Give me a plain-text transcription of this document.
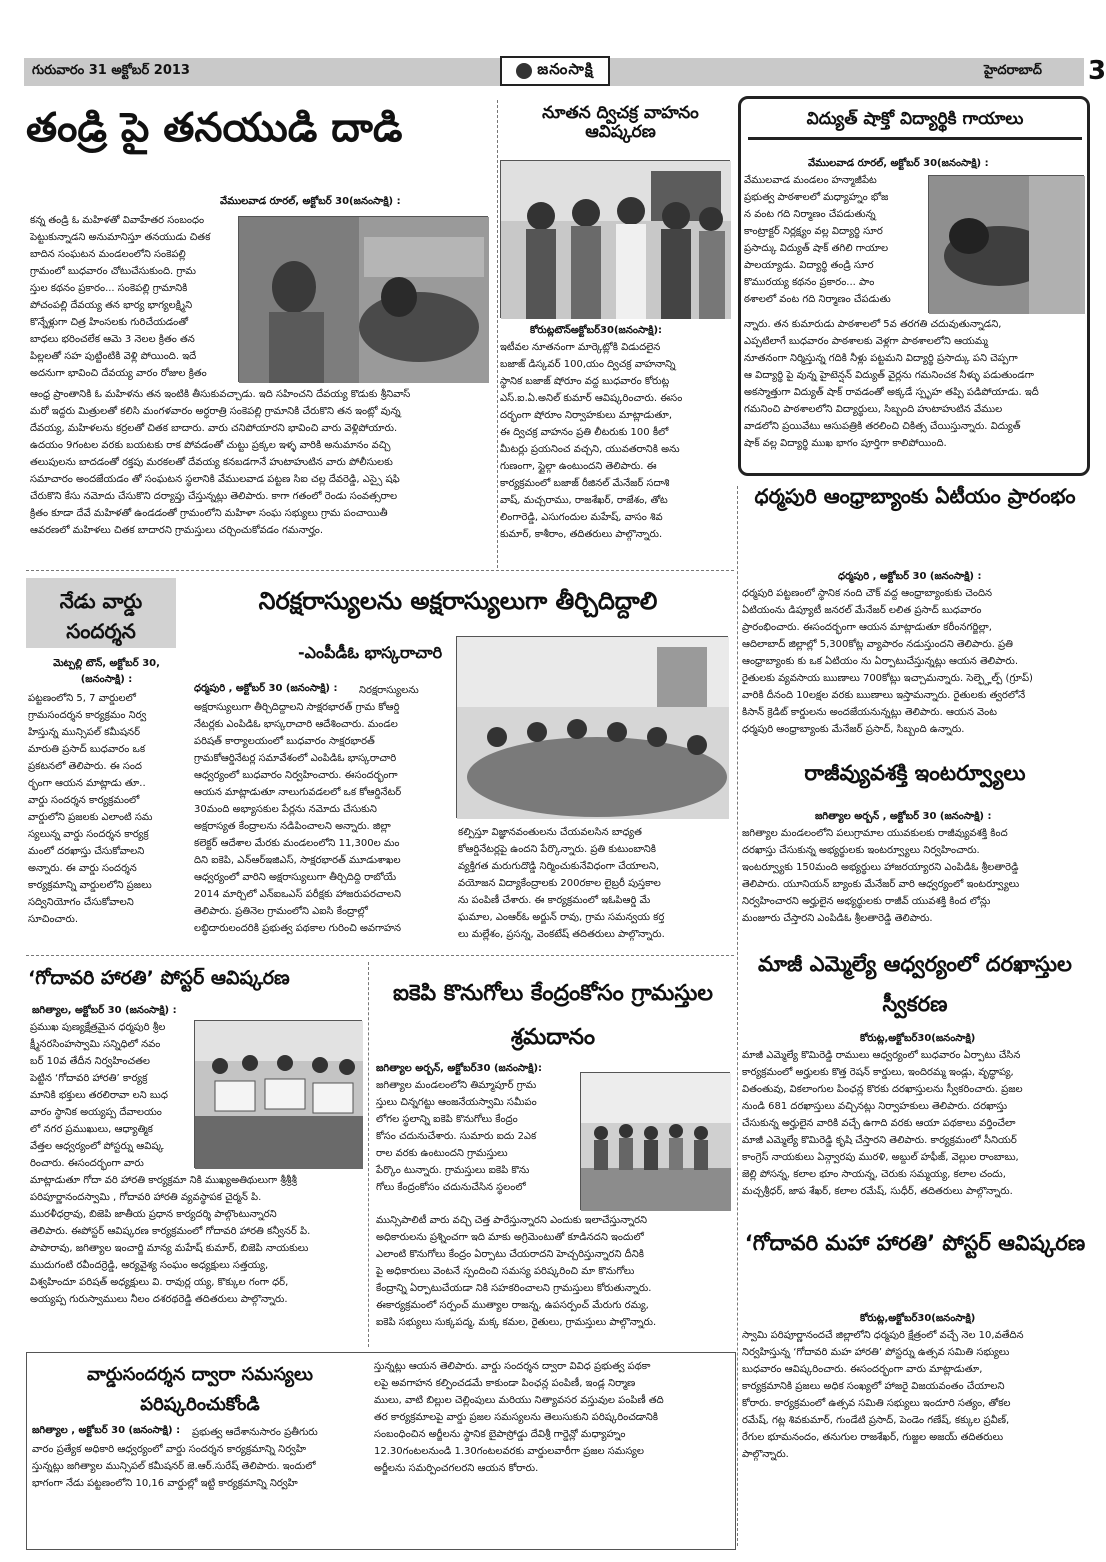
గురువారం 31 అక్టోబర్ 2013	జనంసాక్షి	హైదరాబాద్ 3
తండ్రి పై తనయుడి దాడి
వేములవాడ రూరల్, అక్టోబర్ 30(జనంసాక్షి) :
కన్న తండ్రి ఓ మహిళతో వివాహేతర సంబంధం
పెట్టుకున్నాడని అనుమానిస్తూ తనయుడు చితక
బాదిన సంఘటన మండలంలోని సంకెపల్లి
గ్రామంలో బుధవారం చోటుచేసుకుంది. గ్రామ
స్తుల కథనం ప్రకారం... సంకెపల్లి గ్రామానికి
పోచంపల్లి దేవయ్య తన భార్య భాగ్యలక్ష్మిని
కొన్నేళ్లుగా చిత్ర హింసలకు గురిచేయడంతో
బాధలు భరించలేక ఆమె 3 నెలల క్రితం తన
పిల్లలతో సహ పుట్టింటికి వెళ్లి పోయింది. ఇదే
అదనుగా భావించి దేవయ్య వారం రోజుల క్రితం
ఆంధ్ర ప్రాంతానికి ఓ మహిళను తన ఇంటికి తీసుకువచ్చాడు. ఇది సహించని దేవయ్య కొడుకు శ్రీనివాస్
మరో ఇద్దరు మిత్రులతో కలిసి మంగళవారం అర్ధరాత్రి సంకెపల్లి గ్రామానికి చేరుకొని తన ఇంట్లో వున్న
దేవయ్య, మహిళలను కర్రలతో చితక బాదారు. వారు చనిపోయారని భావించి వారు వెళ్లిపోయారు.
ఉదయం 9గంటల వరకు బయటకు రాక పోవడంతో చుట్టు ప్రక్కల ఇళ్ళ వారికి అనుమానం వచ్చి
తలుపులను బాదడంతో రక్తపు మరకలతో దేవయ్య కనబడగానే హుటాహుటిన వారు పోలీసులకు
సమాచారం అందజేయడం తో సంఘటన స్థలానికి వేములవాడ పట్టణ సిఐ చల్ల దేవరెడ్డి, ఎస్సై షఫి
చేరుకొని కేసు నమోదు చేసుకొని దర్యాప్తు చేస్తున్నట్లు తెలిపారు. కాగా గతంలో రెండు సంవత్సరాల
క్రితం కూడా దేవే మహిళతో ఉండడంతో గ్రామంలోని మహిళా సంఘ సభ్యులు గ్రామ పంచాయితీ
ఆవరణలో మహిళలు చితక బాదారని గ్రామస్తులు చర్చించుకోవడం గమనార్హం.
నూతన ద్విచక్ర వాహనం ఆవిష్కరణ
కోరుట్లటౌన్అక్టోబర్30(జనంసాక్షి):
ఇటీవల నూతనంగా మార్కెట్లోకి విడుదలైన
బజాజ్ డిస్కవర్ 100,యం ద్విచక్ర వాహనాన్ని
స్థానిక బజాజ్ షోరూం వద్ద బుధవారం కోరుట్ల
ఎస్.ఐ.ఏ.అనిల్ కుమార్ ఆవిష్కరించారు. ఈసం
దర్భంగా షోరూం నిర్వాహకులు మాట్లాడుతూ,
ఈ ద్విచక్ర వాహనం ప్రతి లీటరుకు 100 కీలో
మీటర్లు ప్రయనించ వచ్చని, యువతరానికి అను
గుణంగా, స్టైల్గా ఉంటుందని తెలిపారు. ఈ
కార్యక్రమంలో బజాజ్ రీజినల్ మేనేజర్ సదాశి
వాష్, మచ్చరాము, రాజశేఖర్, రాజేశం, తోట
లింగారెడ్డి, ఎసుగందుల మహేష్, వాసం శివ
కుమార్, కాశీరాం, తదితరులు పాల్గొన్నారు.
విద్యుత్ షాక్తో విద్యార్థికి గాయాలు
వేములవాడ రూరల్, అక్టోబర్ 30(జనంసాక్షి) :
వేములవాడ మండలం హన్మాజీపేట
ప్రభుత్వ పాఠశాలలో మధ్యాహ్నం భోజ
న వంట గది నిర్మాణం చేపడుతున్న
కాంట్రాక్టర్ నిర్లక్ష్యం వల్ల విద్యార్థి సూర
ప్రసాద్కు విద్యుత్ షాక్ తగిలి గాయాల
పాలయ్యాడు. విద్యార్థి తండ్రి సూర
కొమురయ్య కథనం ప్రకారం... పాం
ఠశాలలో వంట గది నిర్మాణం చేపడుతు
న్నారు. తన కుమారుడు పాఠశాలలో 5వ తరగతి చదువుతున్నాడని,
ఎప్పటిలాగే బుధవారం పాఠశాలకు వెళ్లగా పాఠశాలలోని ఆయమ్మ
నూతనంగా నిర్మిస్తున్న గదికి నీళ్లు పట్టమని విద్యార్థి ప్రసాద్కు పని చెప్పగా
ఆ విద్యార్థి పై వున్న హైటెన్షన్ విద్యుత్ వైర్లను గమనించక నీళ్ళు పడుతుండగా
అకస్మాత్తుగా విద్యుత్ షాక్ రావడంతో అక్కడే స్పృహ తప్పి పడిపోయాడు. ఇదీ
గమనించి పాఠశాలలోని విద్యార్థులు, సిబ్బంది హుటాహుటిన వేముల
వాడలోని ప్రయివేటు ఆసుపత్రికి తరలించి చికిత్స చేయిస్తున్నారు. విద్యుత్
షాక్ వల్ల విద్యార్థి ముఖ భాగం పూర్తిగా కాలిపోయింది.
ధర్మపురి ఆంధ్రాబ్యాంకు ఏటీయం ప్రారంభం
ధర్మపురి , అక్టోబర్ 30 (జనంసాక్షి) :
ధర్మపురి పట్టణంలో స్థానిక నంది చౌక్ వద్ద ఆంధ్రాబ్యాంకుకు చెందిన
ఏటియంను డిప్యూటీ జనరల్ మేనేజర్ లలిత ప్రసాద్ బుధవారం
ప్రారంభించారు. ఈసందర్భంగా ఆయన మాట్లాడుతూ కరీంనగర్జిల్లా,
ఆదిలాబాద్ జిల్లాల్లో 5,300కోట్ల వ్యాపారం నడుస్తుందని తెలిపారు. ప్రతి
ఆంధ్రాబ్యాంకు కు ఒక ఏటియం ను ఏర్పాటుచేస్తున్నట్లు ఆయన తెలిపారు.
రైతులకు వ్యవసాయ ఋణాలు 700కోట్లు ఇచ్చామన్నారు. సెల్ఫ్హెల్ప్ (గ్రూప్)
వారికి దీనంది 10లక్షల వరకు ఋణాలు ఇస్తామన్నారు. రైతులకు త్వరలోనే
కిసాన్ క్రెడిట్ కార్డులను అందజేయనున్నట్లు తెలిపారు. ఆయన వెంట
ధర్మపురి ఆంధ్రాబ్యాంకు మేనేజర్ ప్రసాద్, సిబ్బంది ఉన్నారు.
నేడు వార్డు సందర్శన
మెట్పల్లి టౌన్, అక్టోబర్ 30, (జనంసాక్షి) :
పట్టణంలోని 5, 7 వార్డులలో
గ్రామసందర్శన కార్యక్రమం నిర్వ
హిస్తున్న మున్సిపల్ కమీషనర్
మారుతి ప్రసాద్ బుధవారం ఒక
ప్రకటనలో తెలిపారు. ఈ సంద
ర్భంగా ఆయన మాట్లాడు తూ..
వార్డు సందర్శన కార్యక్రమంలో
వార్డులోని ప్రజలకు ఎలాంటి సమ
స్యలున్న వార్డు సందర్శన కార్యక్ర
మంలో దరఖాస్తు చేసుకోవాలని
అన్నారు. ఈ వార్డు సందర్శన
కార్యక్రమాన్ని వార్డులలోని ప్రజలు
సద్వినియోగం చేసుకోవాలని
సూచించారు.
నిరక్షరాస్యులను అక్షరాస్యులుగా తీర్చిదిద్దాలి
-ఎంపీడీఓ భాస్కరాచారి
ధర్మపురి , అక్టోబర్ 30 (జనంసాక్షి) :	నిరక్షరాస్యులను
అక్షరాస్యులుగా తీర్చిదిద్దాలని సాక్షరభారత్ గ్రామ కోఆర్డి
నేటర్లకు ఎంపిడిఓ భాస్కరాచారి ఆదేశించారు. మండల
పరిషత్ కార్యాలయంలో బుధవారం సాక్షరభారత్
గ్రామకోఆర్డినేటర్ల సమావేశంలో ఎంపిడిఓ భాస్కరాచారి
ఆధ్వర్యంలో బుధవారం నిర్వహించారు. ఈసందర్భంగా
ఆయన మాట్లాడుతూ నాలుగువడలలో ఒక కోఆర్డినేటర్
30మంది అభ్యాసకుల పేర్లను నమోదు చేసుకుని
అక్షరాస్యత కేంద్రాలను నడిపించాలని అన్నారు. జిల్లా
కలెక్టర్ ఆదేశాల మేరకు మండలంలోని 11,300ల మం
దిని ఐకెపి, ఎన్ఆర్ఇజిఎస్, సాక్షరభారత్ మూడుశాఖల
ఆధ్వర్యంలో వారిని అక్షరాస్యులుగా తీర్చిదిద్ది రాబోయే
2014 మార్చిలో ఎన్ఐఒఎస్ పరీక్షకు హాజరుపరచాలని
తెలిపారు. ప్రతినెల గ్రామంలోని ఎఐసి కేంద్రాల్లో
లబ్ధిదారులందరికి ప్రభుత్వ పథకాల గురించి అవగాహన
కల్పిస్తూ విజ్ఞానవంతులను చేయవలసిన బాధ్యత
కోఆర్డినేటర్లపై ఉందని పేర్కొన్నారు. ప్రతి కుటుంబానికి
వ్యక్తిగత మరుగుదొడ్డి నిర్మించుకునేవిధంగా చేయాలని,
వయోజన విద్యాకేంద్రాలకు 200రకాల లైబ్రరీ పుస్తకాల
ను పంపిణీ చేశారు. ఈ కార్యక్రమంలో ఇఓపిఆర్డి మే
ఘమాల, ఎంఆర్ఓ అర్జున్ రావు, గ్రామ సమన్వయ కర్త
లు మల్లేశం, ప్రసన్న, వెంకటేష్ తదితరులు పాల్గొన్నారు.
రాజీవ్యువశక్తి ఇంటర్వ్యూలు
జగిత్యాల అర్బన్ , అక్టోబర్ 30 (జనంసాక్షి) :
జగిత్యాల మండలంలోని పలుగ్రామాల యువకులకు రాజీవ్యువశక్తి కింద
దరఖాస్తు చేసుకున్న అభ్యర్థులకు ఇంటర్వ్యూలు నిర్వహించారు.
ఇంటర్వ్యూకు 150మంది అభ్యర్థులు హాజరయ్యారని ఎంపిడిఓ శ్రీలతారెడ్డి
తెలిపారు. యూనియన్ బ్యాంకు మేనేజర్ వారి ఆధ్వర్యంలో ఇంటర్వ్యూలు
నిర్వహించారని అర్హులైన అభ్యర్థులకు రాజీవ్ యువశక్తి కింద లోన్లు
మంజూరు చేస్తారని ఎంపిడిఓ శ్రీలతారెడ్డి తెలిపారు.
మాజీ ఎమ్మెల్యే ఆధ్వర్యంలో దరఖాస్తుల స్వీకరణ
కోరుట్ల,అక్టోబర్30(జనంసాక్షి)
మాజీ ఎమ్మెల్యే కొమిరెడ్డి రాములు ఆధ్వర్యంలో బుధవారం ఏర్పాటు చేసిన
కార్యక్రమంలో అర్హులకు కొత్త రెషన్ కార్డులు, ఇందిరమ్మ ఇండ్లు, వృద్ధాప్య,
వితంతువు, వికలాంగుల పింఛన్ల కొరకు దరఖాస్తులను స్వీకరించారు. ప్రజల
నుండి 681 దరఖాస్తులు వచ్చినట్లు నిర్వాహకులు తెలిపారు. దరఖాస్తు
చేసుకున్న అర్హులైన వారికి వచ్చే ఉగాది వరకు ఆయా పథకాలు వర్తించేలా
మాజీ ఎమ్మెల్యే కొమిరెడ్డి కృషి చేస్తారని తెలిపారు. కార్యక్రమంలో సీనియర్
కాంగ్రెస్ నాయకులు ఏన్గ్వారపు మురళి, అబ్దుల్ హఫీజ్, వెల్లుల రాంబాబు,
జెల్లి పోసన్న, కలాల భూం సాయన్న, చెరుకు సమ్మయ్య, కలాల చందు,
మచ్చశ్రీధర్, జాప శేఖర్, కలాల రమేష్, సుధీర్, తదితరులు పాల్గొన్నారు.
‘గోదావరి మహా హారతి’ పోస్టర్ ఆవిష్కరణ
కోరుట్ల,అక్టోబర్30(జనంసాక్షి)
స్వామి పరిపూర్ణానందచే జిల్లాలోని ధర్మపురి క్షేత్రంలో వచ్చే నెల 10,వతేదిన
నిర్వహిస్తున్న ‘గోదావరి మహ హారతి’ పోస్టర్ను ఉత్సవ సమితి సభ్యులు
బుధవారం ఆవిష్కరించారు. ఈసందర్భంగా వారు మాట్లాడుతూ,
కార్యక్రమానికి ప్రజలు అధిక సంఖ్యలో హాజరై విజయవంతం చేయాలని
కోరారు. కార్యక్రమంలో ఉత్సవ సమితి సభ్యులు ఇందూరి సత్యం, తోకల
రమేష్, గట్ల శివకుమార్, గుండేటి ప్రసాద్, పెండెం గణేష్, కక్కుల ప్రవీణ్,
రేగుల భూమనందం, తనుగుల రాజశేఖర్, గుజ్జల అజయ్ తదితరులు
పాల్గొన్నారు.
‘గోదావరి హారతి’ పోస్టర్ ఆవిష్కరణ
జగిత్యాల, అక్టోబర్ 30 (జనంసాక్షి) :
ప్రముఖ పుణ్యక్షేత్రమైన ధర్మపురి శ్రీల
క్ష్మీనరసింహస్వామి సన్నిధిలో నవం
బర్ 10వ తేదీన నిర్వహించతల
పెట్టిన ‘గోదావరి హారతి’ కార్యక్ర
మానికి భక్తులు తరలిరావా లని బుధ
వారం స్థానిక అయ్యప్ప దేవాలయం
లో నగర ప్రముఖులు, ఆధ్యాత్మిక
వేత్తల ఆధ్వర్యంలో పోస్టర్ను ఆవిష్క
రించారు. ఈసందర్భంగా వారు
మాట్లాడుతూ గోదా వరి హారతి కార్యక్రమా నికి ముఖ్యఅతిథులుగా శ్రీశ్రీశ్రీ
పరిపూర్ణానందస్వామి , గోదావరి హారతి వ్యవస్థాపక చైర్మన్ పి.
మురళీధర్రావు, బిజెపి జాతీయ ప్రధాన కార్యదర్శి పాల్గొంటున్నారని
తెలిపారు. ఈపోస్టర్ ఆవిష్కరణ కార్యక్రమంలో గోదావరి హారతి కన్వీనర్ పి.
పాపారావు, జగిత్యాల ఇంచార్జి మాన్య మహేష్ కుమార్, బిజెపి నాయకులు
ముదుగంటి రవీందర్రెడ్డి, ఆర్యవైశ్య సంఘం అధ్యక్షులు సత్తయ్య,
విశ్వహిందూ పరిషత్ అధ్యక్షులు వి. రావుర్ల య్య, కొక్కుల గంగా ధర్,
అయ్యప్ప గురుస్వాములు నీలం దశరథరెడ్డి తదితరులు పాల్గొన్నారు.
ఐకెపి కొనుగోలు కేంద్రంకోసం గ్రామస్తుల శ్రమదానం
జగిత్యాల అర్బన్, అక్టోబర్30 (జనంసాక్షి):
జగిత్యాల మండలంలోని తిమ్మాపూర్ గ్రామ
స్తులు చిన్నగట్టు ఆంజనేయస్వామి సమీపం
లోగల స్థలాన్ని ఐకెపి కొనుగోలు కేంద్రం
కోసం చదునుచేశారు. సుమారు ఐదు 2ఎక
రాల వరకు ఉంటుందని గ్రామస్తులు
పేర్కొం టున్నారు. గ్రామస్తులు ఐకెపి కొను
గోలు కేంద్రంకోసం చదునుచేసిన స్థలంలో
మున్సిపాలిటీ వారు వచ్చి చెత్త పారేస్తున్నారని ఎందుకు ఇలాచేస్తున్నారని
అధికారులను ప్రశ్నించగా ఇది మాకు అగ్రిమెంటుతో కూడినదని ఇందులో
ఎలాంటి కొనుగోలు కేంద్రం ఏర్పాటు చేయరాదని హెచ్చరిస్తున్నారని దీనికి
పై అధికారులు వెంటనే స్పందించి సమస్య పరిష్కరించి మా కొనుగోలు
కేంద్రాన్ని ఏర్పాటుచేయడా నికి సహకరించాలని గ్రామస్తులు కోరుతున్నారు.
ఈకార్యక్రమంలో సర్పంచ్ ముత్యాల రాజన్న, ఉపసర్పంచ్ మేరుగు రమ్య,
ఐకెపి సభ్యులు సుక్కపద్మ, మక్క కమల, రైతులు, గ్రామస్తులు పాల్గొన్నారు.
వార్డుసందర్శన ద్వారా సమస్యలు పరిష్కరించుకోండి
జగిత్యాల , అక్టోబర్ 30 (జనంసాక్షి) :	ప్రభుత్వ ఆదేశానుసారం ప్రతీగురు
వారం ప్రత్యేక అధికారి ఆధ్వర్యంలో వార్డు సందర్శన కార్యక్రమాన్ని నిర్వహి
స్తున్నట్లు జగిత్యాల మున్సిపల్ కమీషనర్ జె.ఆర్.సురేష్ తెలిపారు. ఇందులో
భాగంగా నేడు పట్టణంలోని 10,16 వార్డుల్లో ఇట్టి కార్యక్రమాన్ని నిర్వహి
స్తున్నట్లు ఆయన తెలిపారు. వార్డు సందర్శన ద్వారా వివిధ ప్రభుత్వ పథకా
లపై అవగాహన కల్పించడమే కాకుండా పింఛన్ల పంపిణీ, ఇండ్ల నిర్మాణ
ములు, వాటి బిల్లుల చెల్లింపులు మరియు నిత్యావసర వస్తువుల పంపిణీ తది
తర కార్యక్రమాలపై వార్డు ప్రజల సమస్యలను తెలుసుకుని పరిష్కరించడానికి
సంబంధించిన అర్జీలను స్థానిక బైపాస్రోడ్డు దేవిశ్రీ గార్డెన్లో మధ్యాహ్నం
12.30గంటలనుండి 1.30గంటలవరకు వార్డులవారీగా ప్రజల సమస్యల
అర్జీలను సమర్పించగలరని ఆయన కోరారు.
